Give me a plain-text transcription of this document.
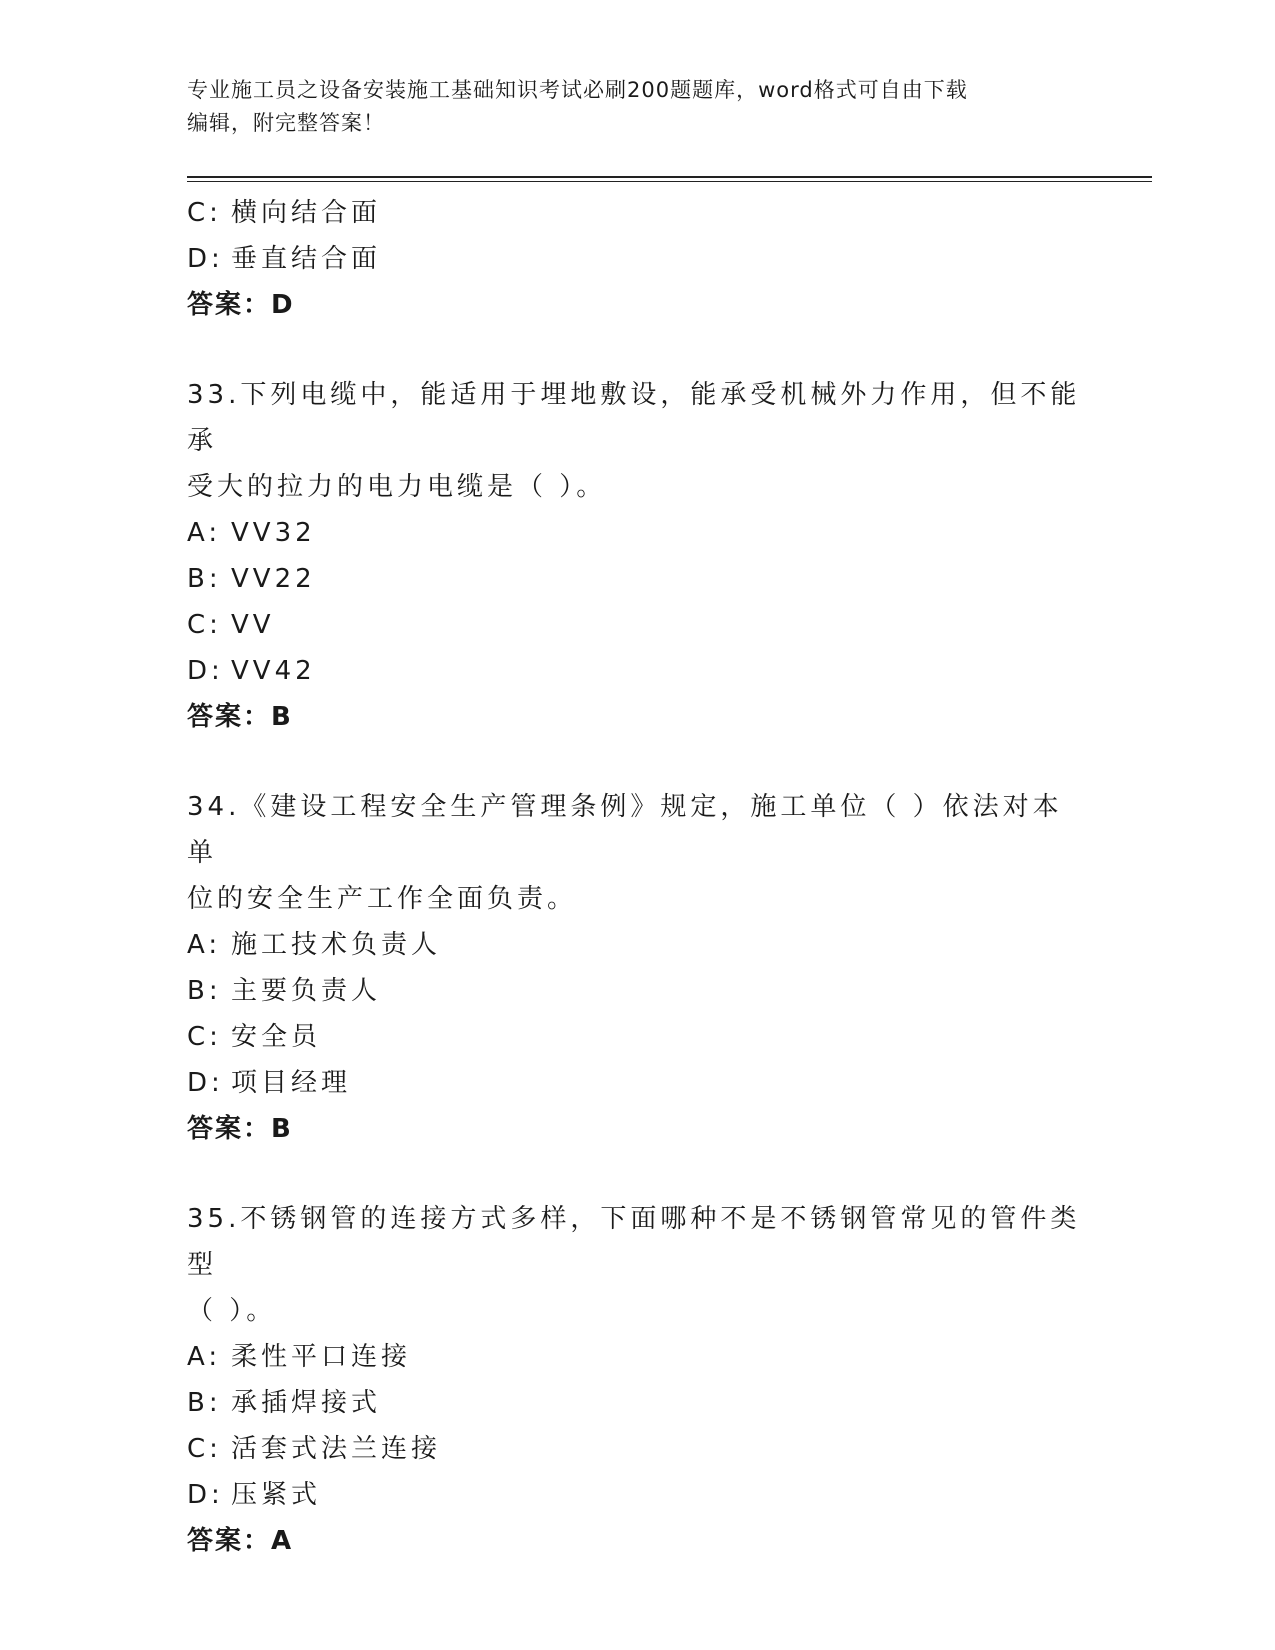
专业施工员之设备安装施工基础知识考试必刷200题题库，word格式可自由下载
编辑，附完整答案！
C: 横向结合面
D: 垂直结合面
答案：D
33.下列电缆中，能适用于埋地敷设，能承受机械外力作用，但不能承
受大的拉力的电力电缆是（ ）。
A: VV32
B: VV22
C: VV
D: VV42
答案：B
34.《建设工程安全生产管理条例》规定，施工单位（ ）依法对本单
位的安全生产工作全面负责。
A: 施工技术负责人
B: 主要负责人
C: 安全员
D: 项目经理
答案：B
35.不锈钢管的连接方式多样，下面哪种不是不锈钢管常见的管件类型
（ ）。
A: 柔性平口连接
B: 承插焊接式
C: 活套式法兰连接
D: 压紧式
答案：A
